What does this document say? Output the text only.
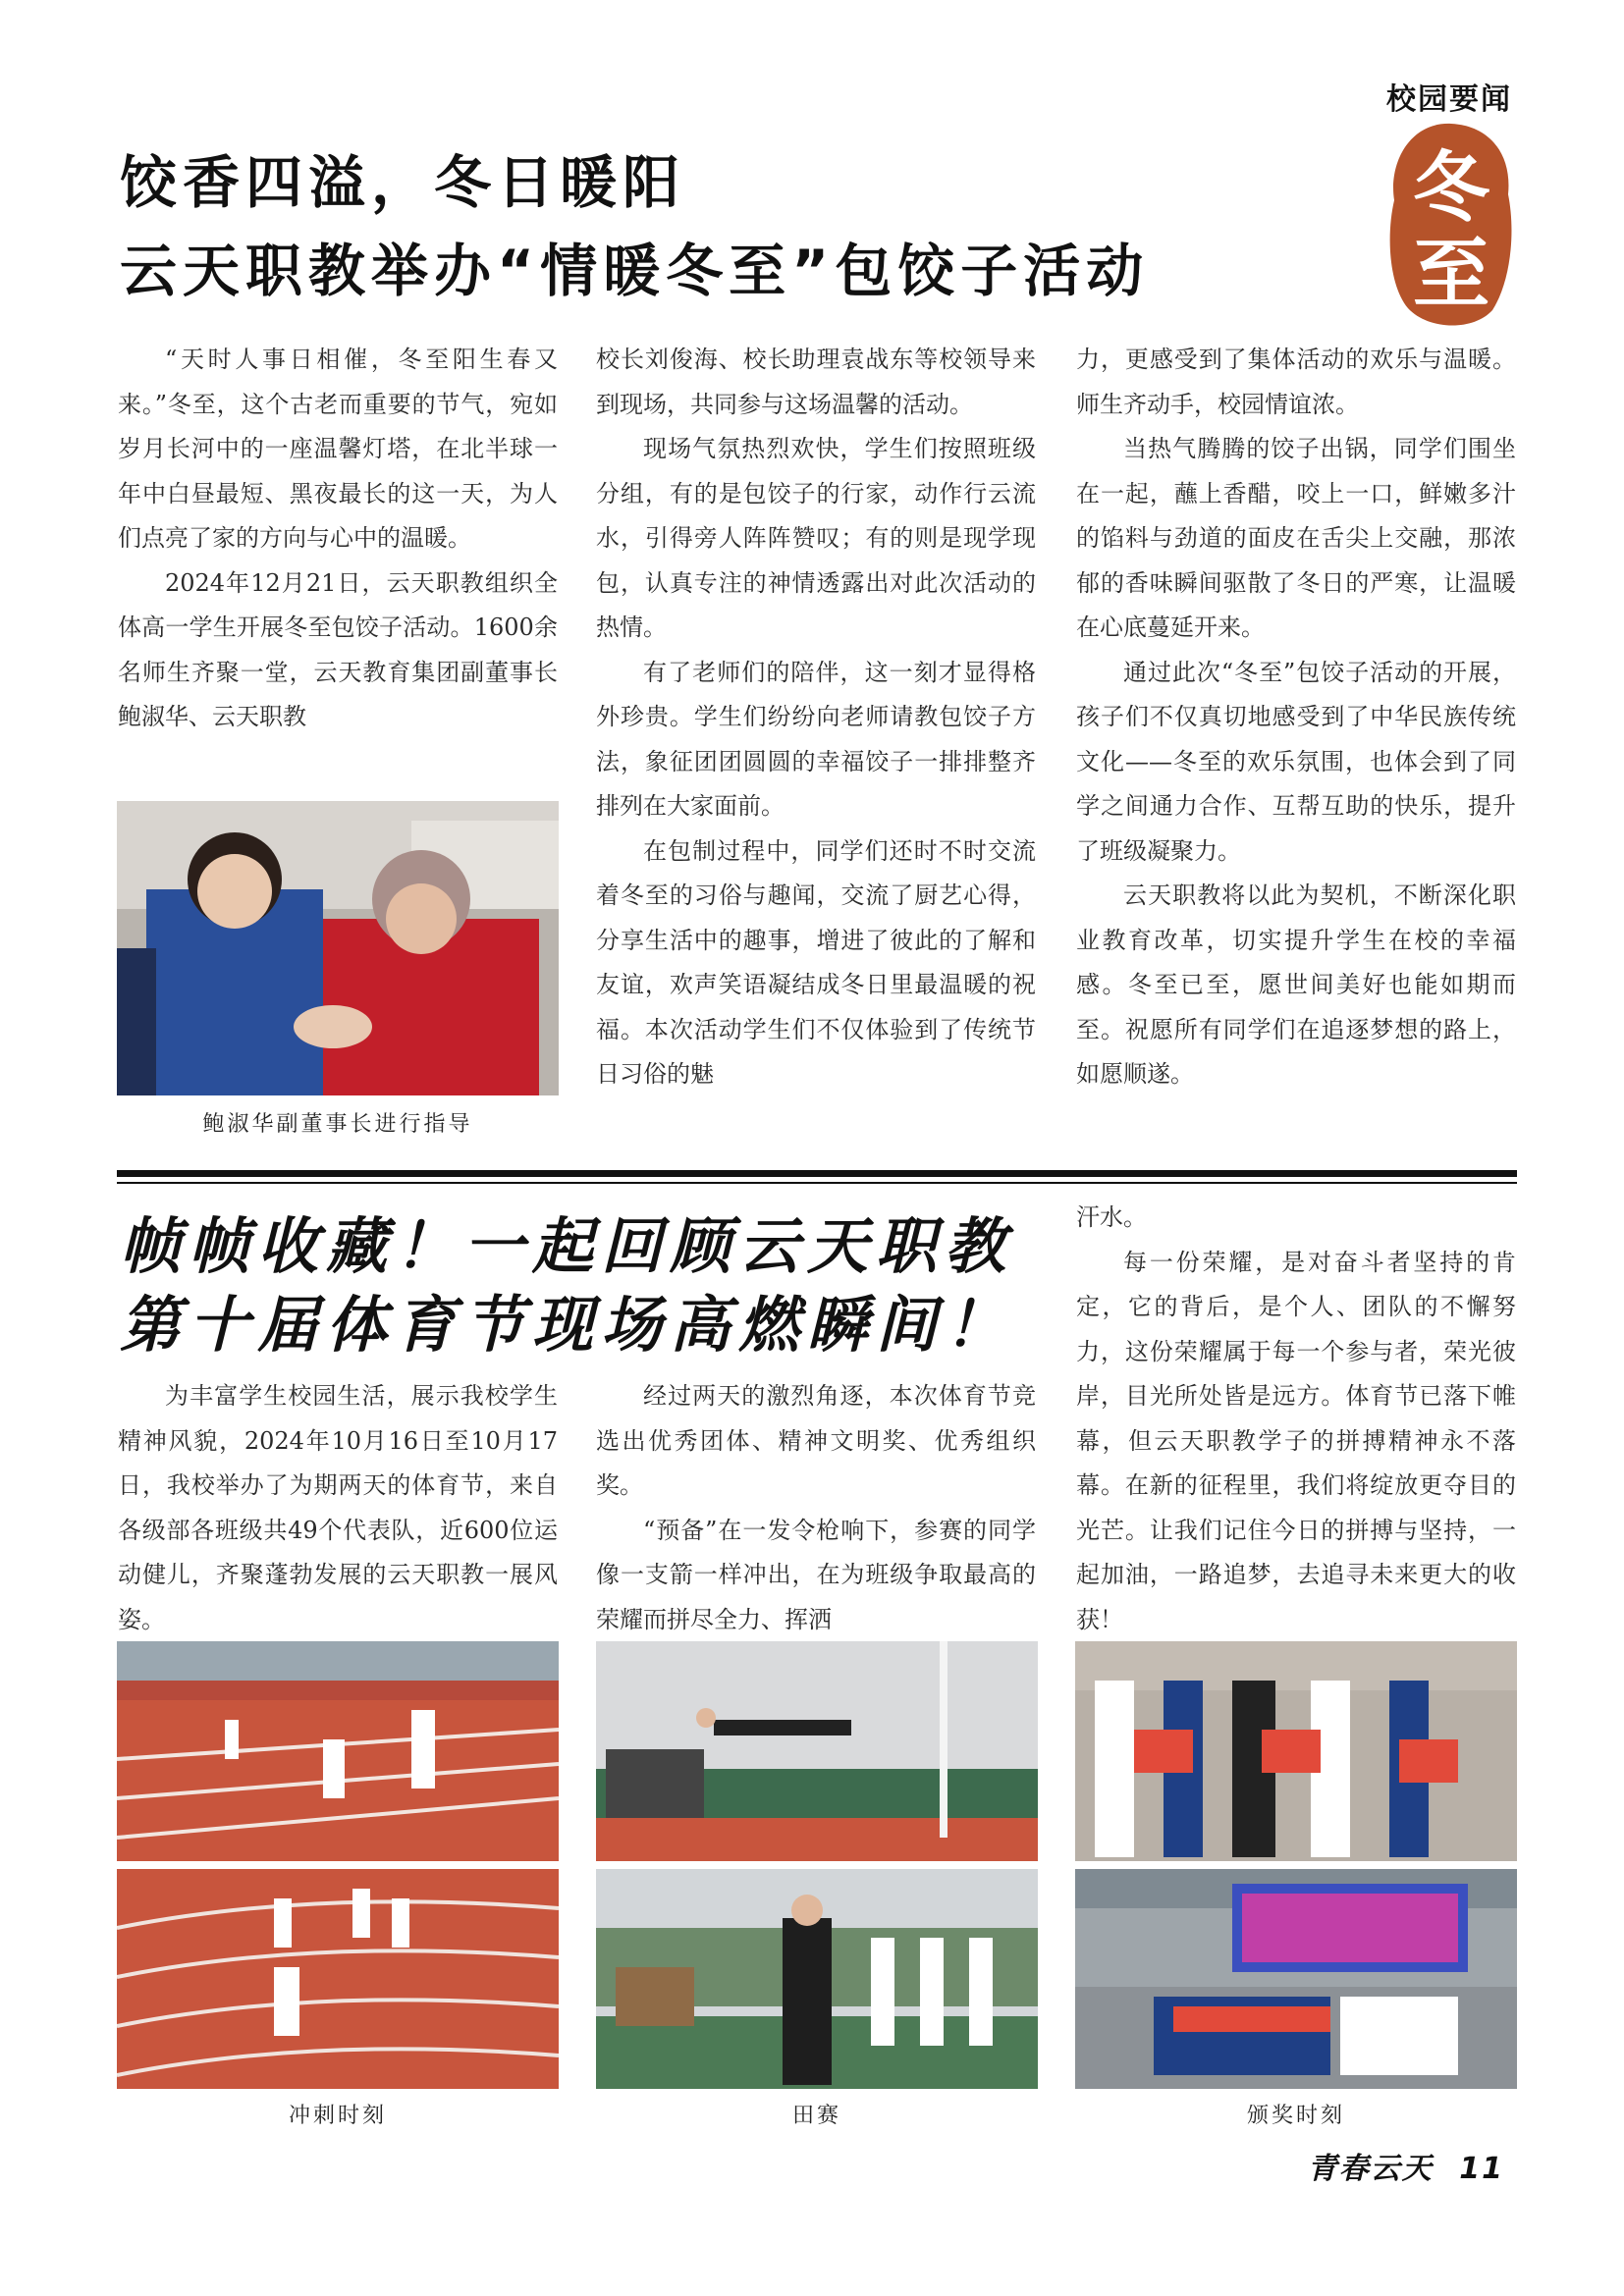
校园要闻
冬
至
饺香四溢，冬日暖阳
云天职教举办“情暖冬至”包饺子活动

“天时人事日相催，冬至阳生春又来。”冬至，这个古老而重要的节气，宛如岁月长河中的一座温馨灯塔，在北半球一年中白昼最短、黑夜最长的这一天，为人们点亮了家的方向与心中的温暖。

2024年12月21日，云天职教组织全体高一学生开展冬至包饺子活动。1600余名师生齐聚一堂，云天教育集团副董事长鲍淑华、云天职教

鲍淑华副董事长进行指导

校长刘俊海、校长助理袁战东等校领导来到现场，共同参与这场温馨的活动。

现场气氛热烈欢快，学生们按照班级分组，有的是包饺子的行家，动作行云流水，引得旁人阵阵赞叹；有的则是现学现包，认真专注的神情透露出对此次活动的热情。

有了老师们的陪伴，这一刻才显得格外珍贵。学生们纷纷向老师请教包饺子方法，象征团团圆圆的幸福饺子一排排整齐排列在大家面前。

在包制过程中，同学们还时不时交流着冬至的习俗与趣闻，交流了厨艺心得，分享生活中的趣事，增进了彼此的了解和友谊，欢声笑语凝结成冬日里最温暖的祝福。本次活动学生们不仅体验到了传统节日习俗的魅

力，更感受到了集体活动的欢乐与温暖。师生齐动手，校园情谊浓。

当热气腾腾的饺子出锅，同学们围坐在一起，蘸上香醋，咬上一口，鲜嫩多汁的馅料与劲道的面皮在舌尖上交融，那浓郁的香味瞬间驱散了冬日的严寒，让温暖在心底蔓延开来。

通过此次“冬至”包饺子活动的开展，孩子们不仅真切地感受到了中华民族传统文化——冬至的欢乐氛围，也体会到了同学之间通力合作、互帮互助的快乐，提升了班级凝聚力。

云天职教将以此为契机，不断深化职业教育改革，切实提升学生在校的幸福感。冬至已至，愿世间美好也能如期而至。祝愿所有同学们在追逐梦想的路上，如愿顺遂。

帧帧收藏！一起回顾云天职教
第十届体育节现场高燃瞬间！

为丰富学生校园生活，展示我校学生精神风貌，2024年10月16日至10月17日，我校举办了为期两天的体育节，来自各级部各班级共49个代表队，近600位运动健儿，齐聚蓬勃发展的云天职教一展风姿。

经过两天的激烈角逐，本次体育节竞选出优秀团体、精神文明奖、优秀组织奖。

“预备”在一发令枪响下，参赛的同学像一支箭一样冲出，在为班级争取最高的荣耀而拼尽全力、挥洒

汗水。

每一份荣耀，是对奋斗者坚持的肯定，它的背后，是个人、团队的不懈努力，这份荣耀属于每一个参与者，荣光彼岸，目光所处皆是远方。体育节已落下帷幕，但云天职教学子的拼搏精神永不落幕。在新的征程里，我们将绽放更夺目的光芒。让我们记住今日的拼搏与坚持，一起加油，一路追梦，去追寻未来更大的收获！

冲刺时刻	田赛	颁奖时刻
青春云天 11
